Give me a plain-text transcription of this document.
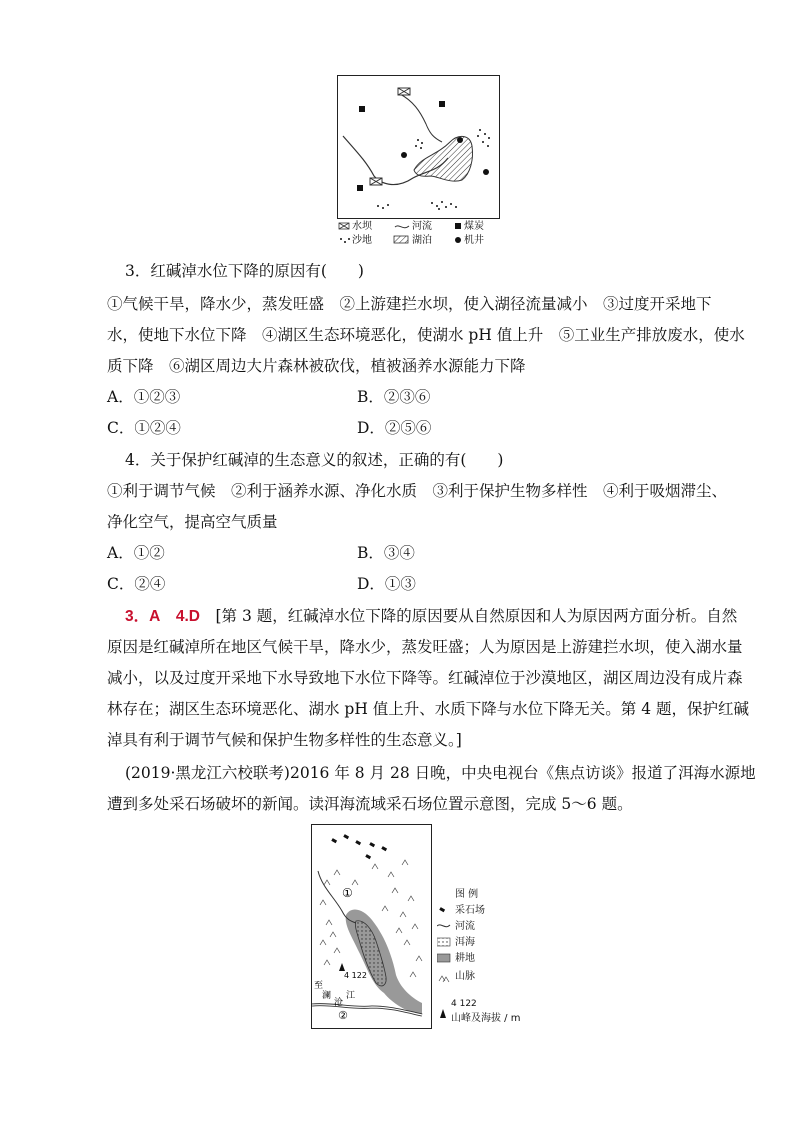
水坝	河流	煤炭
沙地	湖泊	机井
3．红碱淖水位下降的原因有(　　)
①气候干旱，降水少，蒸发旺盛　②上游建拦水坝，使入湖径流量减小　③过度开采地下
水，使地下水位下降　④湖区生态环境恶化，使湖水 pH 值上升　⑤工业生产排放废水，使水
质下降　⑥湖区周边大片森林被砍伐，植被涵养水源能力下降
A．①②③	B．②③⑥
C．①②④	D．②⑤⑥
4．关于保护红碱淖的生态意义的叙述，正确的有(　　)
①利于调节气候　②利于涵养水源、净化水质　③利于保护生物多样性　④利于吸烟滞尘、
净化空气，提高空气质量
A．①②	B．③④
C．②④	D．①③
3．A　 4.D　 [第 3 题，红碱淖水位下降的原因要从自然原因和人为原因两方面分析。自然
原因是红碱淖所在地区气候干旱，降水少，蒸发旺盛；人为原因是上游建拦水坝，使入湖水量
减小，以及过度开采地下水导致地下水位下降等。红碱淖位于沙漠地区，湖区周边没有成片森
林存在；湖区生态环境恶化、湖水 pH 值上升、水质下降与水位下降无关。第 4 题，保护红碱
淖具有利于调节气候和保护生物多样性的生态意义。]
(2019·黑龙江六校联考)2016 年 8 月 28 日晚，中央电视台《焦点访谈》报道了洱海水源地
遭到多处采石场破坏的新闻。读洱海流域采石场位置示意图，完成 5～6 题。
①
②
4 122
至
澜
沧
江
图 例
采石场
河流
洱海
耕地
山脉
4 122
山峰及海拔 / m
